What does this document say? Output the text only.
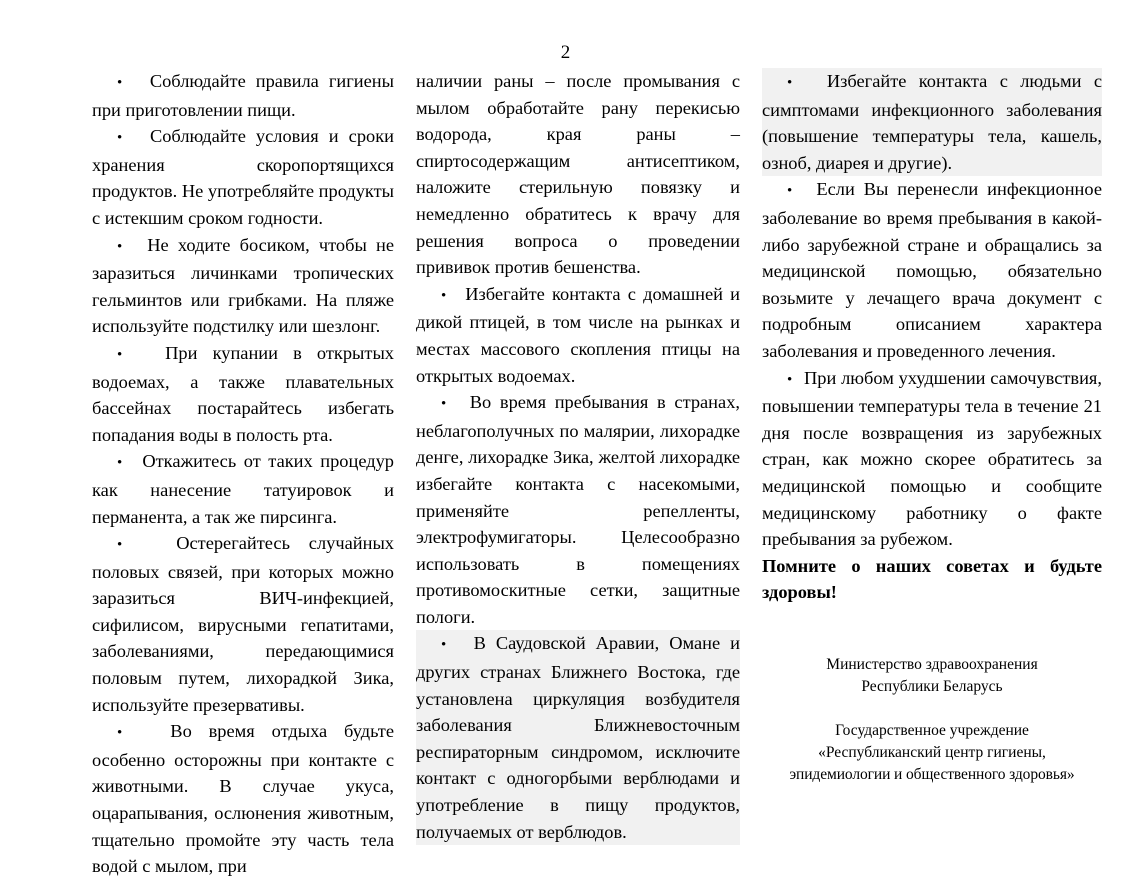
2

•   Соблюдайте правила гигиены при приготовлении пищи.

•   Соблюдайте условия и сроки хранения скоропортящихся продуктов. Не употребляйте продукты с истекшим сроком годности.

•   Не ходите босиком, чтобы не заразиться личинками тропических гельминтов или грибками. На пляже используйте подстилку или шезлонг.

•   При купании в открытых водоемах, а также плавательных бассейнах постарайтесь избегать попадания воды в полость рта.

•   Откажитесь от таких процедур как нанесение татуировок и перманента, а так же пирсинга.

•   Остерегайтесь случайных половых связей, при которых можно заразиться ВИЧ-инфекцией, сифилисом, вирусными гепатитами, заболеваниями, передающимися половым путем, лихорадкой Зика, используйте презервативы.

•   Во время отдыха будьте особенно осторожны при контакте с животными. В случае укуса, оцарапывания, ослюнения животным, тщательно промойте эту часть тела водой с мылом, при

наличии раны – после промывания с мылом обработайте рану перекисью водорода, края раны – спиртосодержащим антисептиком, наложите стерильную повязку и немедленно обратитесь к врачу для решения вопроса о проведении прививок против бешенства.

•   Избегайте контакта с домашней и дикой птицей, в том числе на рынках и местах массового скопления птицы на открытых водоемах.

•   Во время пребывания в странах, неблагополучных по малярии, лихорадке денге, лихорадке Зика, желтой лихорадке избегайте контакта с насекомыми, применяйте репелленты, электрофумигаторы. Целесообразно использовать в помещениях противомоскитные сетки, защитные пологи.

•   В Саудовской Аравии, Омане и других странах Ближнего Востока, где установлена циркуляция возбудителя заболевания Ближневосточным респираторным синдромом, исключите контакт с одногорбыми верблюдами и употребление в пищу продуктов, получаемых от верблюдов.

•   Избегайте контакта с людьми с симптомами инфекционного заболевания (повышение температуры тела, кашель, озноб, диарея и другие).

•   Если Вы перенесли инфекционное заболевание во время пребывания в какой-либо зарубежной стране и обращались за медицинской помощью, обязательно возьмите у лечащего врача документ с подробным описанием характера заболевания и проведенного лечения.

•   При любом ухудшении самочувствия, повышении температуры тела в течение 21 дня после возвращения из зарубежных стран, как можно скорее обратитесь за медицинской помощью и сообщите медицинскому работнику о факте пребывания за рубежом.

Помните о наших советах и будьте здоровы!

Министерство здравоохранения
Республики Беларусь
Государственное учреждение
«Республиканский центр гигиены,
эпидемиологии и общественного здоровья»
